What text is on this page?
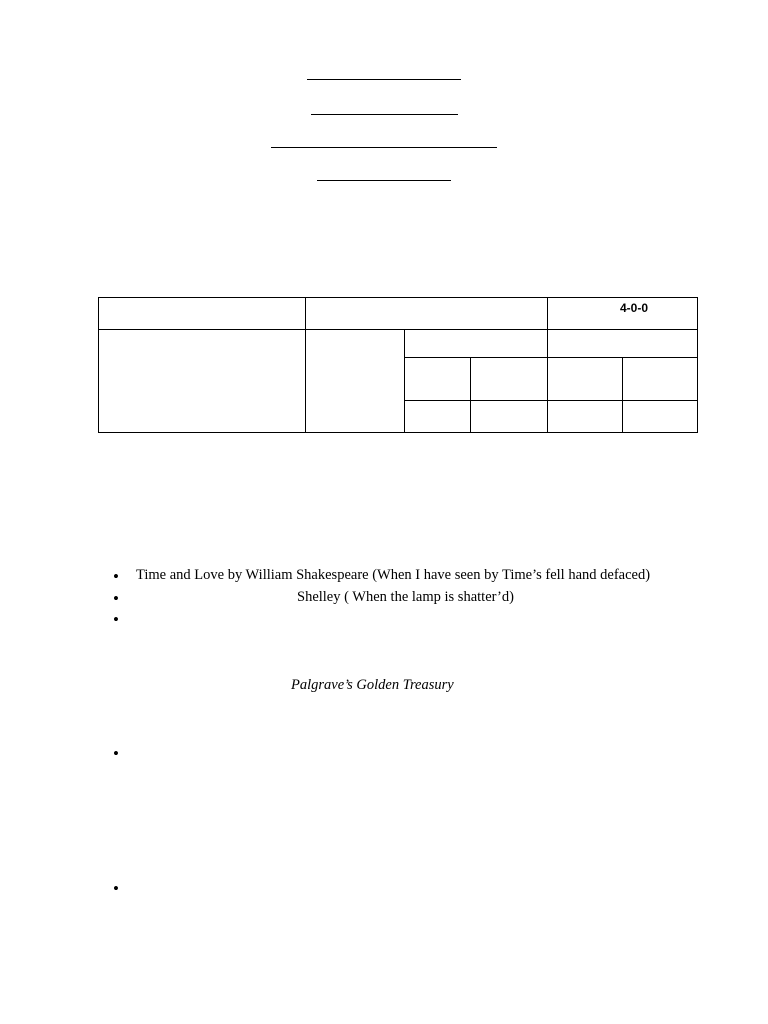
4-0-0
• Time and Love by William Shakespeare (When I have seen by Time’s fell hand defaced)
•	Shelley ( When the lamp is shatter’d)
•
•
•
Palgrave’s Golden Treasury
